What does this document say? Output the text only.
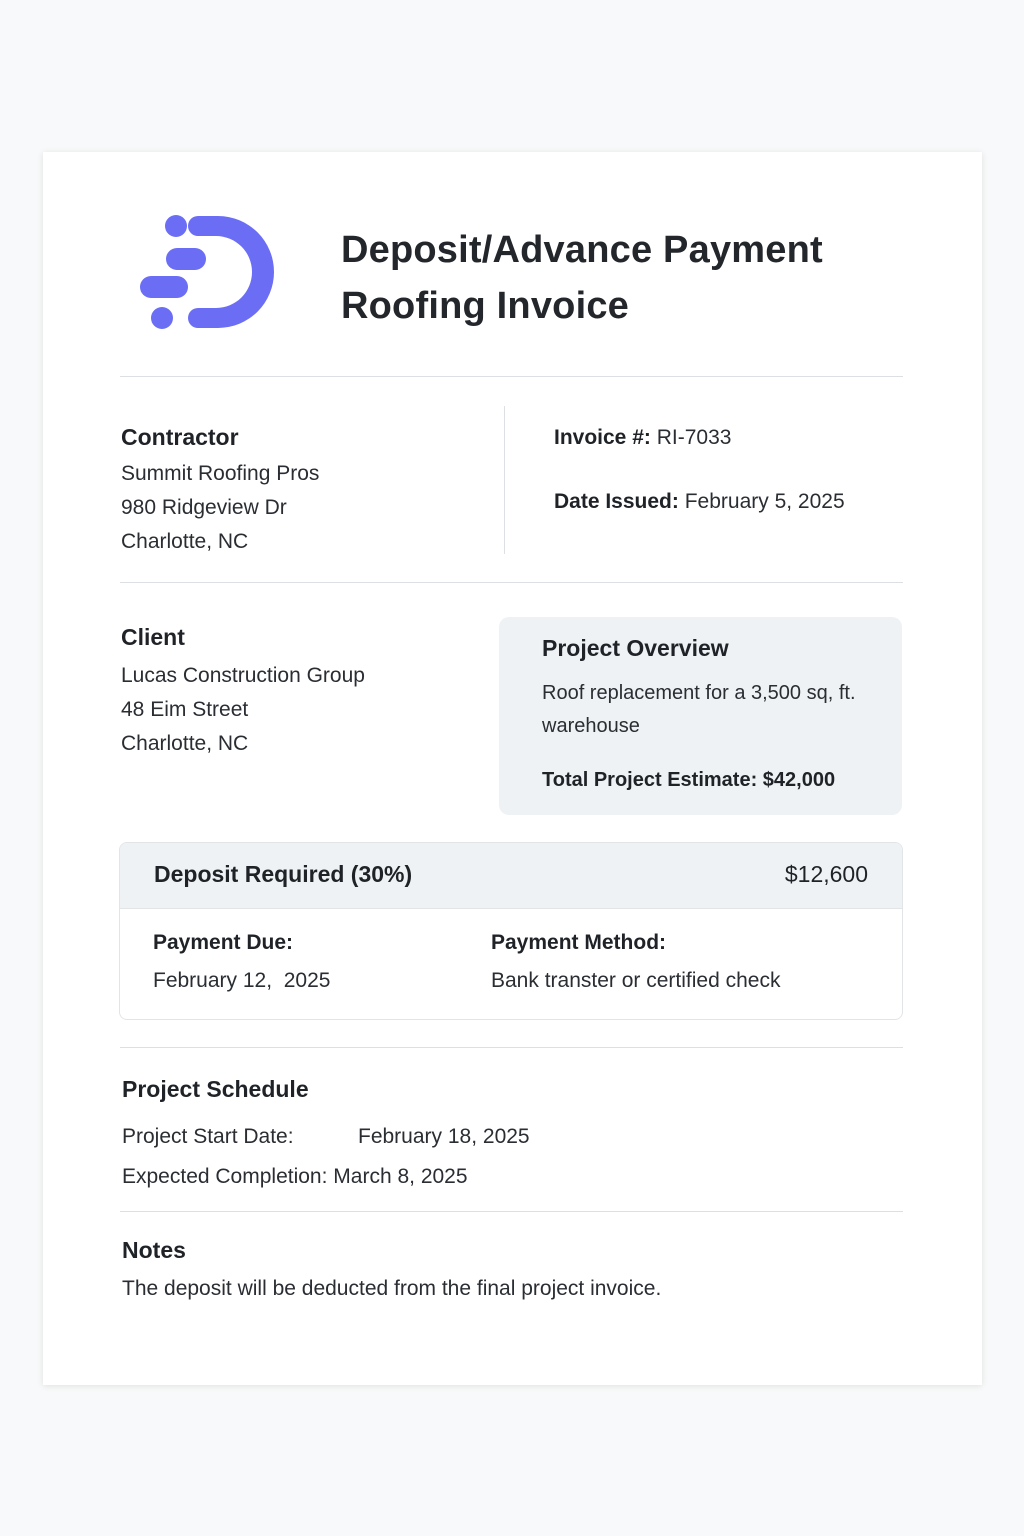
Deposit/Advance Payment
Roofing Invoice

Contractor

Summit Roofing Pros

980 Ridgeview Dr

Charlotte, NC

Invoice #: RI-7033

Date Issued: February 5, 2025

Client

Lucas Construction Group

48 Eim Street

Charlotte, NC

Project Overview

Roof replacement for a 3,500 sq, ft. warehouse

Total Project Estimate: $42,000

Deposit Required (30%)	$12,600

Payment Due:

February 12,  2025

Payment Method:

Bank transter or certified check

Project Schedule

Project Start Date:	February 18, 2025

Expected Completion:
March 8, 2025

Notes

The deposit will be deducted from the final project invoice.
